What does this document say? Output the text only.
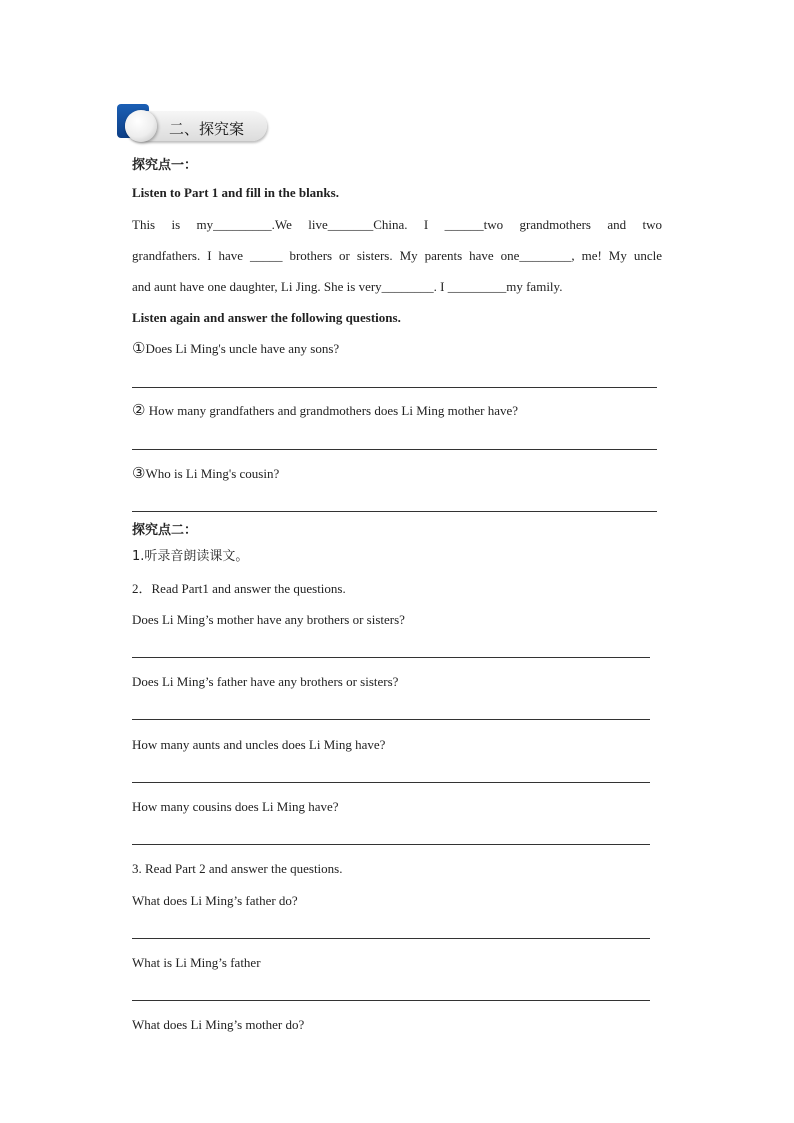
二、探究案
探究点一：
Listen to Part 1 and fill in the blanks.
This is my_________.We live_______China. I ______two grandmothers and two
grandfathers. I have _____ brothers or sisters. My parents have one________, me! My uncle
and aunt have one daughter, Li Jing. She is very________. I _________my family.
Listen again and answer the following questions.
①Does Li Ming's uncle have any sons?
② How many grandfathers and grandmothers does Li Ming mother have?
③Who is Li Ming's cousin?
探究点二：
1.听录音朗读课文。
2．Read Part1 and answer the questions.
Does Li Ming’s mother have any brothers or sisters?
Does Li Ming’s father have any brothers or sisters?
How many aunts and uncles does Li Ming have?
How many cousins does Li Ming have?
3. Read Part 2 and answer the questions.
What does Li Ming’s father do?
What is Li Ming’s father
What does Li Ming’s mother do?
